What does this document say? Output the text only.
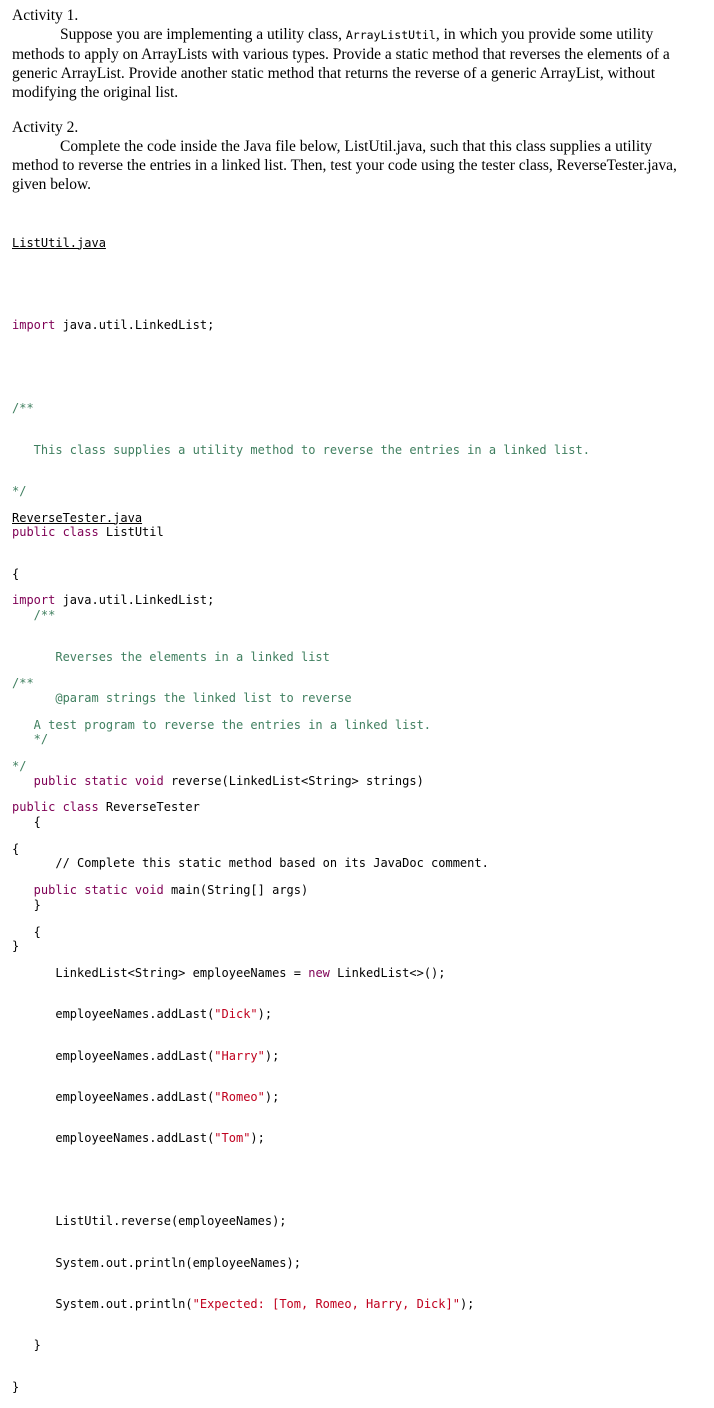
Activity 1.

Suppose you are implementing a utility class, ArrayListUtil, in which you provide some utility methods to apply on ArrayLists with various types. Provide a static method that reverses the elements of a generic ArrayList. Provide another static method that returns the reverse of a generic ArrayList, without modifying the original list.

Activity 2.

Complete the code inside the Java file below, ListUtil.java, such that this class supplies a utility method to reverse the entries in a linked list. Then, test your code using the tester class, ReverseTester.java, given below.

ListUtil.java

import java.util.LinkedList;

/**

This class supplies a utility method to reverse the entries in a linked list.

*/

public class ListUtil

{

/**

Reverses the elements in a linked list

@param strings the linked list to reverse

*/

public static void reverse(LinkedList<String> strings)

{

// Complete this static method based on its JavaDoc comment.

}

}

ReverseTester.java

import java.util.LinkedList;

/**

A test program to reverse the entries in a linked list.

*/

public class ReverseTester

{

public static void main(String[] args)

{

LinkedList<String> employeeNames = new LinkedList<>();

employeeNames.addLast("Dick");

employeeNames.addLast("Harry");

employeeNames.addLast("Romeo");

employeeNames.addLast("Tom");

ListUtil.reverse(employeeNames);

System.out.println(employeeNames);

System.out.println("Expected: [Tom, Romeo, Harry, Dick]");

}

}
